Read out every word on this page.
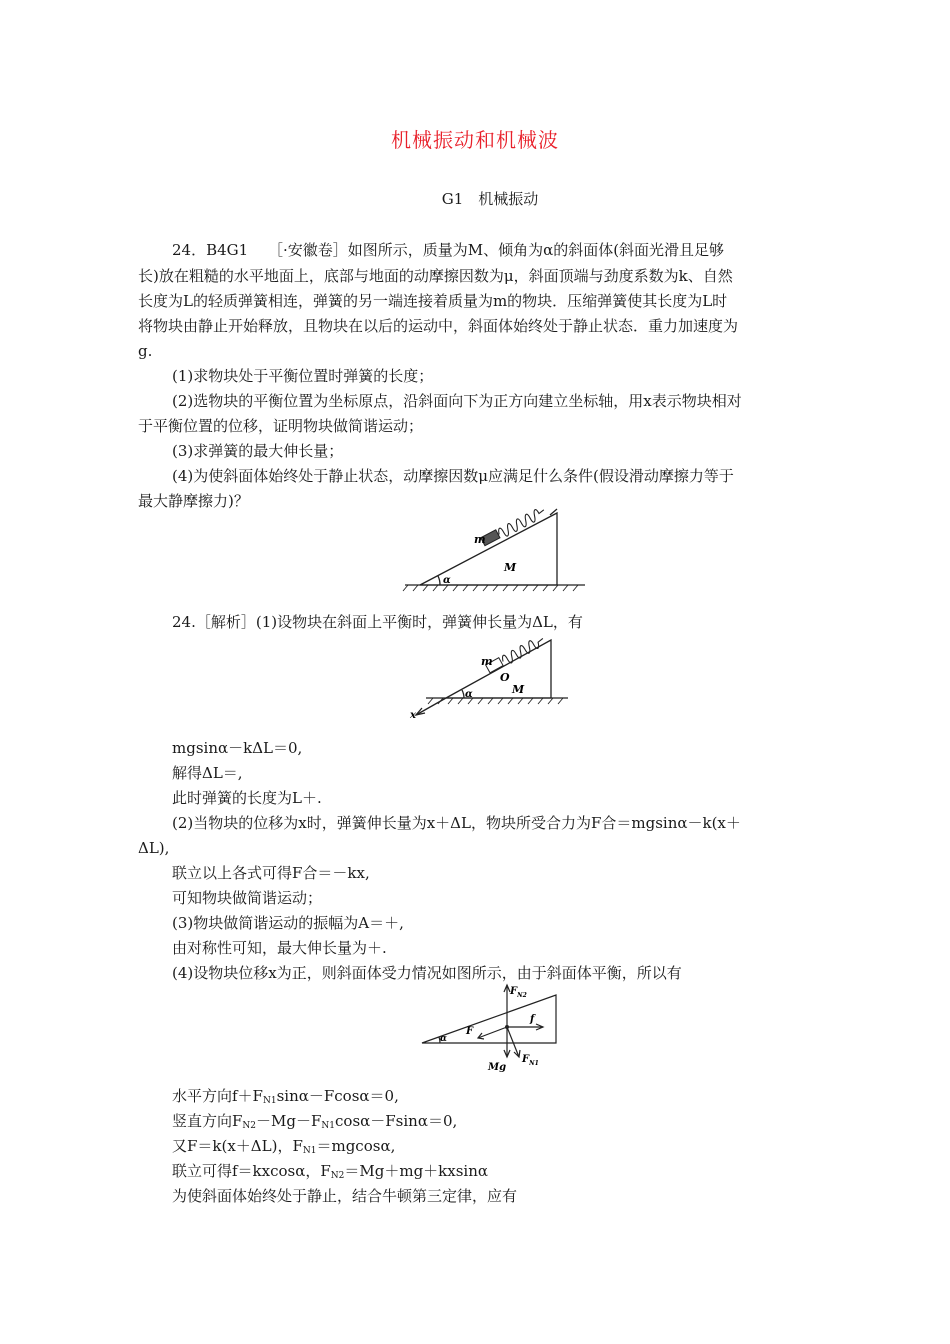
机械振动和机械波
G1　机械振动
24．B4G1　 ［·安徽卷］如图所示，质量为M、倾角为α的斜面体(斜面光滑且足够
长)放在粗糙的水平地面上，底部与地面的动摩擦因数为μ，斜面顶端与劲度系数为k、自然
长度为L的轻质弹簧相连，弹簧的另一端连接着质量为m的物块．压缩弹簧使其长度为L时
将物块由静止开始释放，且物块在以后的运动中，斜面体始终处于静止状态．重力加速度为
g.
(1)求物块处于平衡位置时弹簧的长度；
(2)选物块的平衡位置为坐标原点，沿斜面向下为正方向建立坐标轴，用x表示物块相对
于平衡位置的位移，证明物块做简谐运动；
(3)求弹簧的最大伸长量；
(4)为使斜面体始终处于静止状态，动摩擦因数μ应满足什么条件(假设滑动摩擦力等于
最大静摩擦力)？
m
M
α
24.［解析］(1)设物块在斜面上平衡时，弹簧伸长量为ΔL，有
m
O
M
α
x
mgsinα－kΔL＝0,
解得ΔL＝,
此时弹簧的长度为L＋.
(2)当物块的位移为x时，弹簧伸长量为x＋ΔL，物块所受合力为F合＝mgsinα－k(x＋
ΔL),
联立以上各式可得F合＝－kx,
可知物块做简谐运动；
(3)物块做简谐运动的振幅为A＝＋,
由对称性可知，最大伸长量为＋.
(4)设物块位移x为正，则斜面体受力情况如图所示，由于斜面体平衡，所以有
$F_{N2}$
f
F
α
Mg
$F_{N1}$
水平方向$f+F_{N1}\sin\alpha-Fcos\alpha=0$,
竖直方向$F_{N2}-Mg-F_{N1}\cos\alpha-Fsin\alpha=0$,
又F＝k(x＋ΔL)，$F_{N1}=mgcos\alpha$,
联立可得f＝kxcosα，$F_{N2}=Mg+mg+kxsin\alpha$
为使斜面体始终处于静止，结合牛顿第三定律，应有
